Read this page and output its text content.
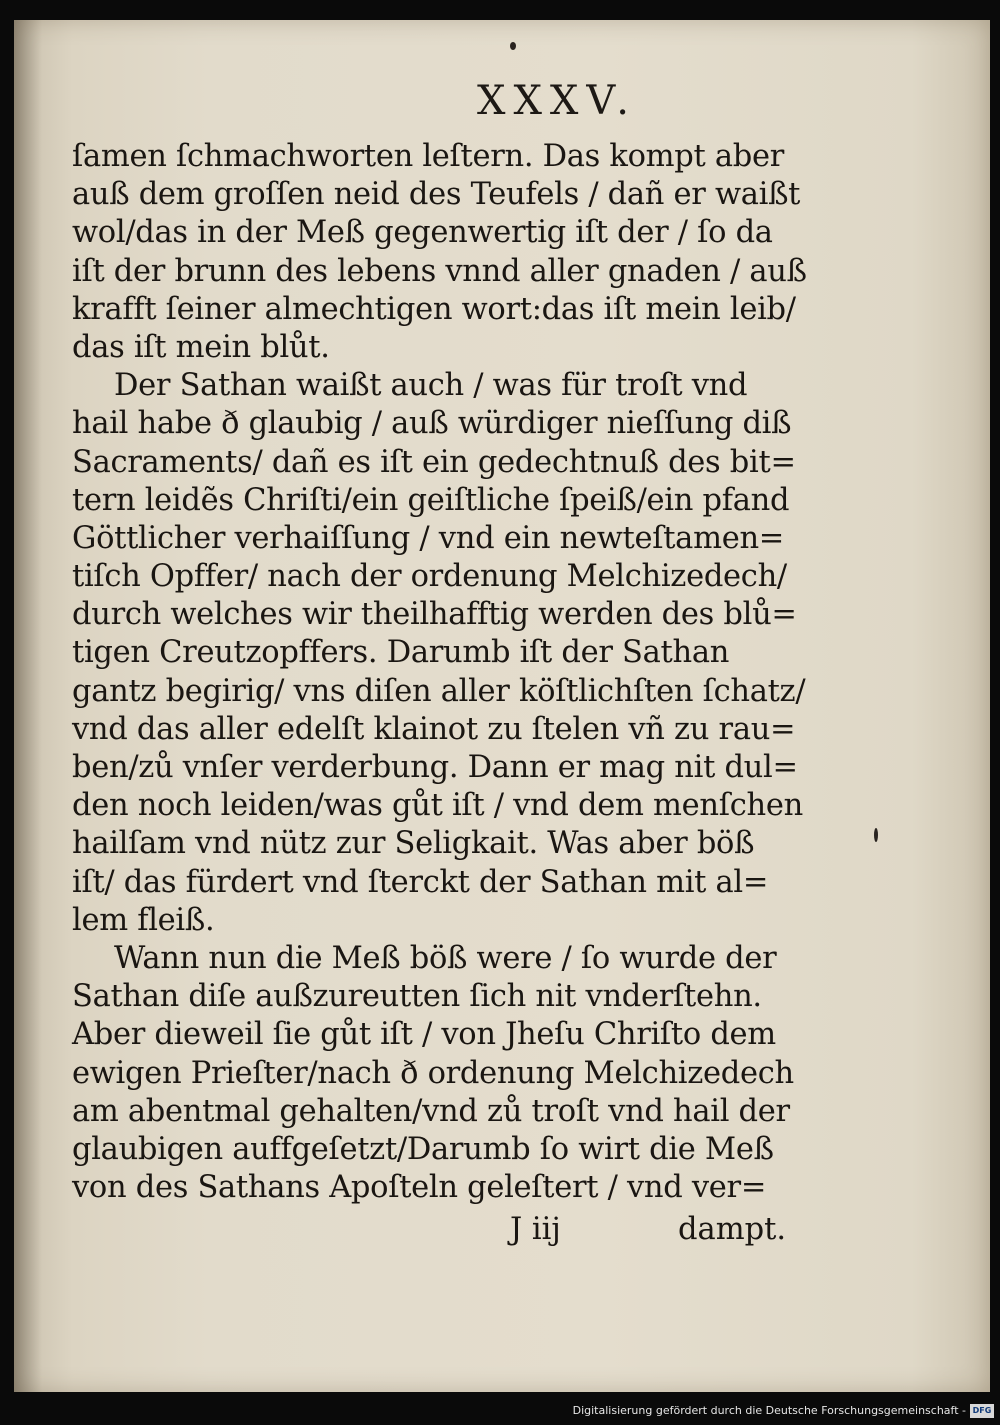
XXXV.
ſamen ſchmachworten leſtern. Das kompt aber
auß dem groſſen neid des Teufels / dañ er waißt
wol/das in der Meß gegenwertig iſt der / ſo da
iſt der brunn des lebens vnnd aller gnaden / auß
krafft ſeiner almechtigen wort:das iſt mein leib/
das iſt mein blůt.
Der Sathan waißt auch / was für troſt vnd
hail habe ð glaubig / auß würdiger nieſſung diß
Sacraments/ dañ es iſt ein gedechtnuß des bit=
tern leidẽs Chriſti/ein geiſtliche ſpeiß/ein pfand
Göttlicher verhaiſſung / vnd ein newteſtamen=
tiſch Opffer/ nach der ordenung Melchizedech/
durch welches wir theilhafftig werden des blů=
tigen Creutzopffers. Darumb iſt der Sathan
gantz begirig/ vns diſen aller köſtlichſten ſchatz/
vnd das aller edelſt klainot zu ſtelen vñ zu rau=
ben/zů vnſer verderbung. Dann er mag nit dul=
den noch leiden/was gůt iſt / vnd dem menſchen
hailſam vnd nütz zur Seligkait. Was aber böß
iſt/ das fürdert vnd ſterckt der Sathan mit al=
lem fleiß.
Wann nun die Meß böß were / ſo wurde der
Sathan diſe außzureutten ſich nit vnderſtehn.
Aber dieweil ſie gůt iſt / von Jheſu Chriſto dem
ewigen Prieſter/nach ð ordenung Melchizedech
am abentmal gehalten/vnd zů troſt vnd hail der
glaubigen auffgeſetzt/Darumb ſo wirt die Meß
von des Sathans Apoſteln geleſtert / vnd ver=
J iij	dampt.
Digitalisierung gefördert durch die Deutsche Forschungsgemeinschaft - DFG
